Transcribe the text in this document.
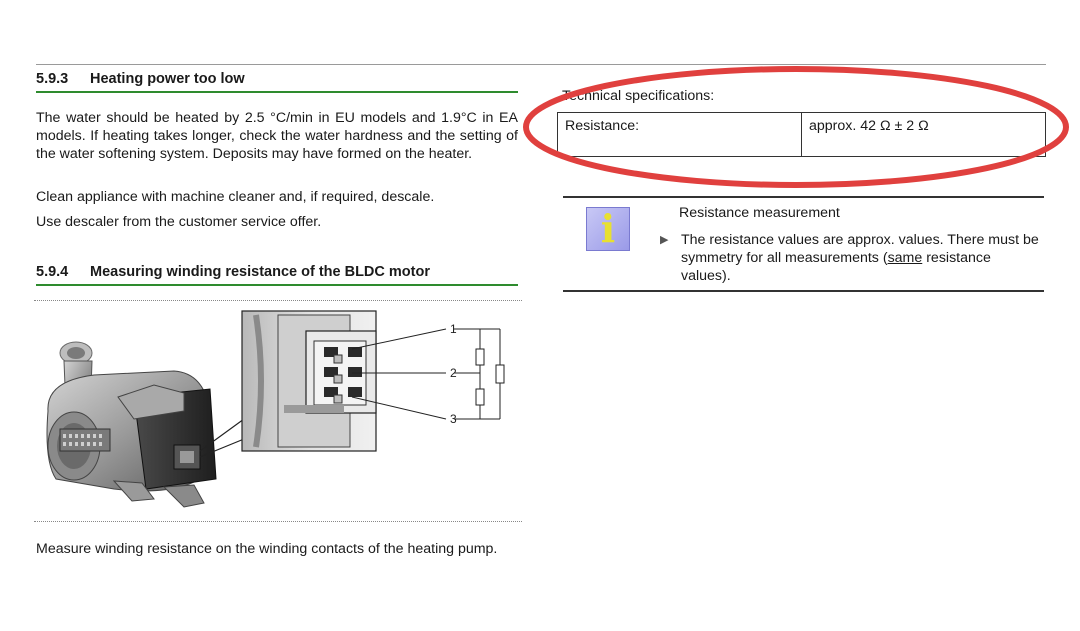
5.9.3 Heating power too low

The water should be heated by 2.5 °C/min in EU models and 1.9°C in EA models. If heating takes longer, check the water hardness and the setting of the water softening system. Deposits may have formed on the heater.

Clean appliance with machine cleaner and, if required, descale.

Use descaler from the customer service offer.

5.9.4 Measuring winding resistance of the BLDC motor
1
2
3

Measure winding resistance on the winding contacts of the heating pump.

Technical specifications:
Resistance:	approx. 42 Ω ± 2 Ω
i	Resistance measurement
▶ The resistance values are approx. values. There must be symmetry for all measurements (same resistance values).
